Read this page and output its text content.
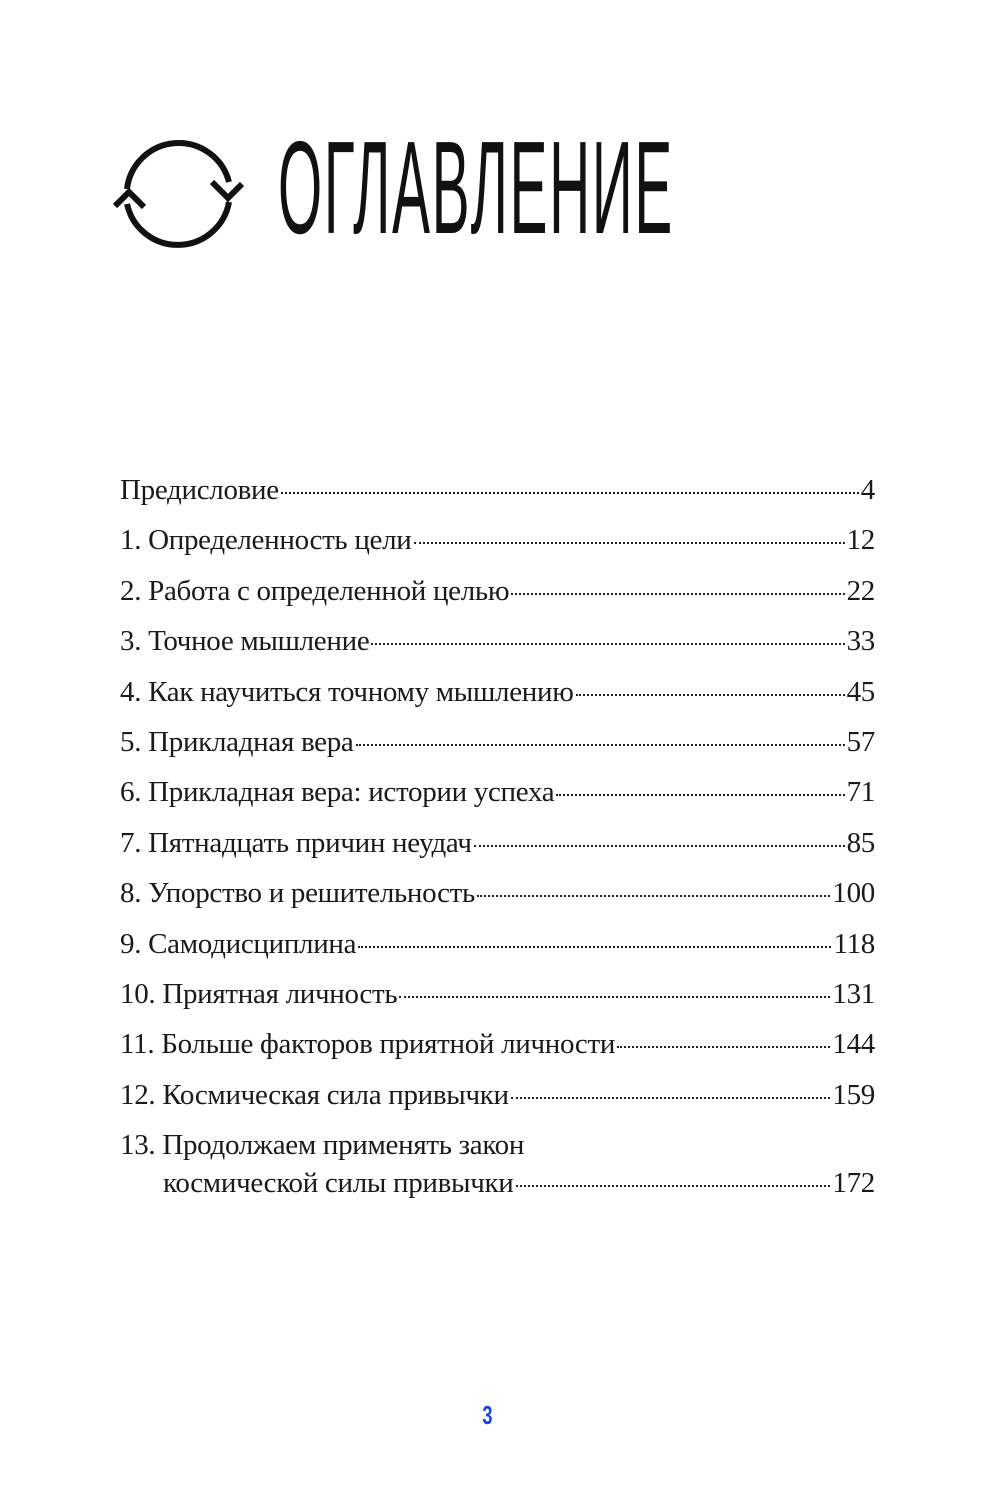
ОГЛАВЛЕНИЕ
Предисловие	4
1. Определенность цели	12
2. Работа с определенной целью	22
3. Точное мышление	33
4. Как научиться точному мышлению	45
5. Прикладная вера	57
6. Прикладная вера: истории успеха	71
7. Пятнадцать причин неудач	85
8. Упорство и решительность	100
9. Самодисциплина	118
10. Приятная личность	131
11. Больше факторов приятной личности	144
12. Космическая сила привычки	159
13. Продолжаем применять закон
космической силы привычки	172
3
